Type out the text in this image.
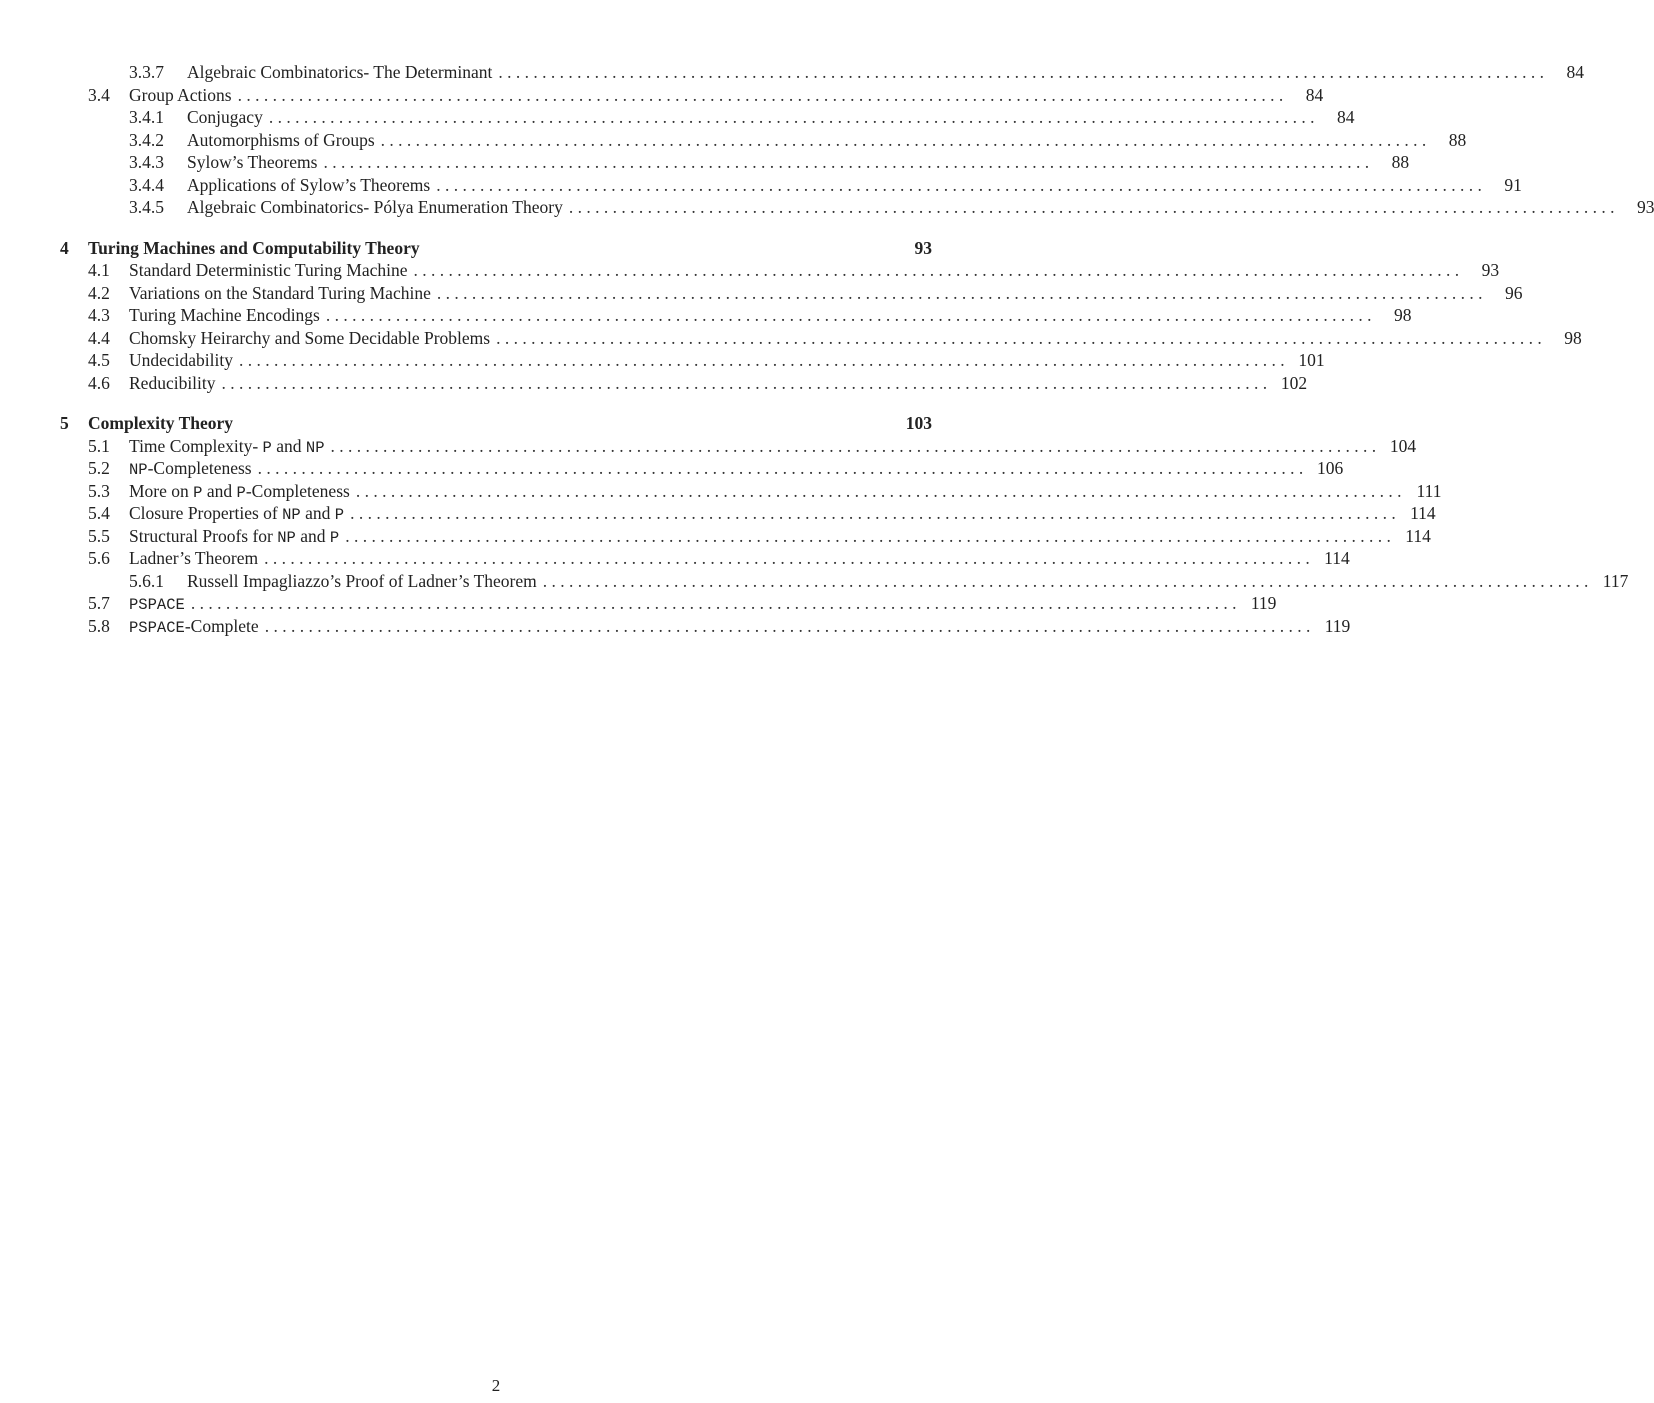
3.3.7	Algebraic Combinatorics- The Determinant . . . . . . . . . . . . . . . . . . . . . . . . . . . . . . . . . . . . . . . . . . . . . . . . . . . . . . . . . . . . . . . . . . . . . . . . . . . . . . . . . . . . . . . . . . . . . . . . . . . . . . . . . . . . . . . . . . . . . . . .	84
3.4	Group Actions . . . . . . . . . . . . . . . . . . . . . . . . . . . . . . . . . . . . . . . . . . . . . . . . . . . . . . . . . . . . . . . . . . . . . . . . . . . . . . . . . . . . . . . . . . . . . . . . . . . . . . . . . . . . . . . . . . . . . . . .	84
3.4.1	Conjugacy . . . . . . . . . . . . . . . . . . . . . . . . . . . . . . . . . . . . . . . . . . . . . . . . . . . . . . . . . . . . . . . . . . . . . . . . . . . . . . . . . . . . . . . . . . . . . . . . . . . . . . . . . . . . . . . . . . . . . . . .	84
3.4.2	Automorphisms of Groups . . . . . . . . . . . . . . . . . . . . . . . . . . . . . . . . . . . . . . . . . . . . . . . . . . . . . . . . . . . . . . . . . . . . . . . . . . . . . . . . . . . . . . . . . . . . . . . . . . . . . . . . . . . . . . . . . . . . . . . .	88
3.4.3	Sylow’s Theorems . . . . . . . . . . . . . . . . . . . . . . . . . . . . . . . . . . . . . . . . . . . . . . . . . . . . . . . . . . . . . . . . . . . . . . . . . . . . . . . . . . . . . . . . . . . . . . . . . . . . . . . . . . . . . . . . . . . . . . . .	88
3.4.4	Applications of Sylow’s Theorems . . . . . . . . . . . . . . . . . . . . . . . . . . . . . . . . . . . . . . . . . . . . . . . . . . . . . . . . . . . . . . . . . . . . . . . . . . . . . . . . . . . . . . . . . . . . . . . . . . . . . . . . . . . . . . . . . . . . . . . .	91
3.4.5	Algebraic Combinatorics- Pólya Enumeration Theory . . . . . . . . . . . . . . . . . . . . . . . . . . . . . . . . . . . . . . . . . . . . . . . . . . . . . . . . . . . . . . . . . . . . . . . . . . . . . . . . . . . . . . . . . . . . . . . . . . . . . . . . . . . . . . . . . . . . . . . .	93
4	Turing Machines and Computability Theory	93
4.1	Standard Deterministic Turing Machine . . . . . . . . . . . . . . . . . . . . . . . . . . . . . . . . . . . . . . . . . . . . . . . . . . . . . . . . . . . . . . . . . . . . . . . . . . . . . . . . . . . . . . . . . . . . . . . . . . . . . . . . . . . . . . . . . . . . . . . .	93
4.2	Variations on the Standard Turing Machine . . . . . . . . . . . . . . . . . . . . . . . . . . . . . . . . . . . . . . . . . . . . . . . . . . . . . . . . . . . . . . . . . . . . . . . . . . . . . . . . . . . . . . . . . . . . . . . . . . . . . . . . . . . . . . . . . . . . . . . .	96
4.3	Turing Machine Encodings . . . . . . . . . . . . . . . . . . . . . . . . . . . . . . . . . . . . . . . . . . . . . . . . . . . . . . . . . . . . . . . . . . . . . . . . . . . . . . . . . . . . . . . . . . . . . . . . . . . . . . . . . . . . . . . . . . . . . . . .	98
4.4	Chomsky Heirarchy and Some Decidable Problems . . . . . . . . . . . . . . . . . . . . . . . . . . . . . . . . . . . . . . . . . . . . . . . . . . . . . . . . . . . . . . . . . . . . . . . . . . . . . . . . . . . . . . . . . . . . . . . . . . . . . . . . . . . . . . . . . . . . . . . .	98
4.5	Undecidability . . . . . . . . . . . . . . . . . . . . . . . . . . . . . . . . . . . . . . . . . . . . . . . . . . . . . . . . . . . . . . . . . . . . . . . . . . . . . . . . . . . . . . . . . . . . . . . . . . . . . . . . . . . . . . . . . . . . . . . . 101
4.6	Reducibility . . . . . . . . . . . . . . . . . . . . . . . . . . . . . . . . . . . . . . . . . . . . . . . . . . . . . . . . . . . . . . . . . . . . . . . . . . . . . . . . . . . . . . . . . . . . . . . . . . . . . . . . . . . . . . . . . . . . . . . . 102
5	Complexity Theory	103
5.1	Time Complexity- P and NP . . . . . . . . . . . . . . . . . . . . . . . . . . . . . . . . . . . . . . . . . . . . . . . . . . . . . . . . . . . . . . . . . . . . . . . . . . . . . . . . . . . . . . . . . . . . . . . . . . . . . . . . . . . . . . . . . . . . . . . . 104
5.2	NP-Completeness . . . . . . . . . . . . . . . . . . . . . . . . . . . . . . . . . . . . . . . . . . . . . . . . . . . . . . . . . . . . . . . . . . . . . . . . . . . . . . . . . . . . . . . . . . . . . . . . . . . . . . . . . . . . . . . . . . . . . . . . 106
5.3	More on P and P-Completeness . . . . . . . . . . . . . . . . . . . . . . . . . . . . . . . . . . . . . . . . . . . . . . . . . . . . . . . . . . . . . . . . . . . . . . . . . . . . . . . . . . . . . . . . . . . . . . . . . . . . . . . . . . . . . . . . . . . . . . . . 111
5.4	Closure Properties of NP and P . . . . . . . . . . . . . . . . . . . . . . . . . . . . . . . . . . . . . . . . . . . . . . . . . . . . . . . . . . . . . . . . . . . . . . . . . . . . . . . . . . . . . . . . . . . . . . . . . . . . . . . . . . . . . . . . . . . . . . . . 114
5.5	Structural Proofs for NP and P . . . . . . . . . . . . . . . . . . . . . . . . . . . . . . . . . . . . . . . . . . . . . . . . . . . . . . . . . . . . . . . . . . . . . . . . . . . . . . . . . . . . . . . . . . . . . . . . . . . . . . . . . . . . . . . . . . . . . . . . 114
5.6	Ladner’s Theorem . . . . . . . . . . . . . . . . . . . . . . . . . . . . . . . . . . . . . . . . . . . . . . . . . . . . . . . . . . . . . . . . . . . . . . . . . . . . . . . . . . . . . . . . . . . . . . . . . . . . . . . . . . . . . . . . . . . . . . . . 114
5.6.1	Russell Impagliazzo’s Proof of Ladner’s Theorem . . . . . . . . . . . . . . . . . . . . . . . . . . . . . . . . . . . . . . . . . . . . . . . . . . . . . . . . . . . . . . . . . . . . . . . . . . . . . . . . . . . . . . . . . . . . . . . . . . . . . . . . . . . . . . . . . . . . . . . . 117
5.7	PSPACE . . . . . . . . . . . . . . . . . . . . . . . . . . . . . . . . . . . . . . . . . . . . . . . . . . . . . . . . . . . . . . . . . . . . . . . . . . . . . . . . . . . . . . . . . . . . . . . . . . . . . . . . . . . . . . . . . . . . . . . . 119
5.8	PSPACE-Complete . . . . . . . . . . . . . . . . . . . . . . . . . . . . . . . . . . . . . . . . . . . . . . . . . . . . . . . . . . . . . . . . . . . . . . . . . . . . . . . . . . . . . . . . . . . . . . . . . . . . . . . . . . . . . . . . . . . . . . . . 119
2
